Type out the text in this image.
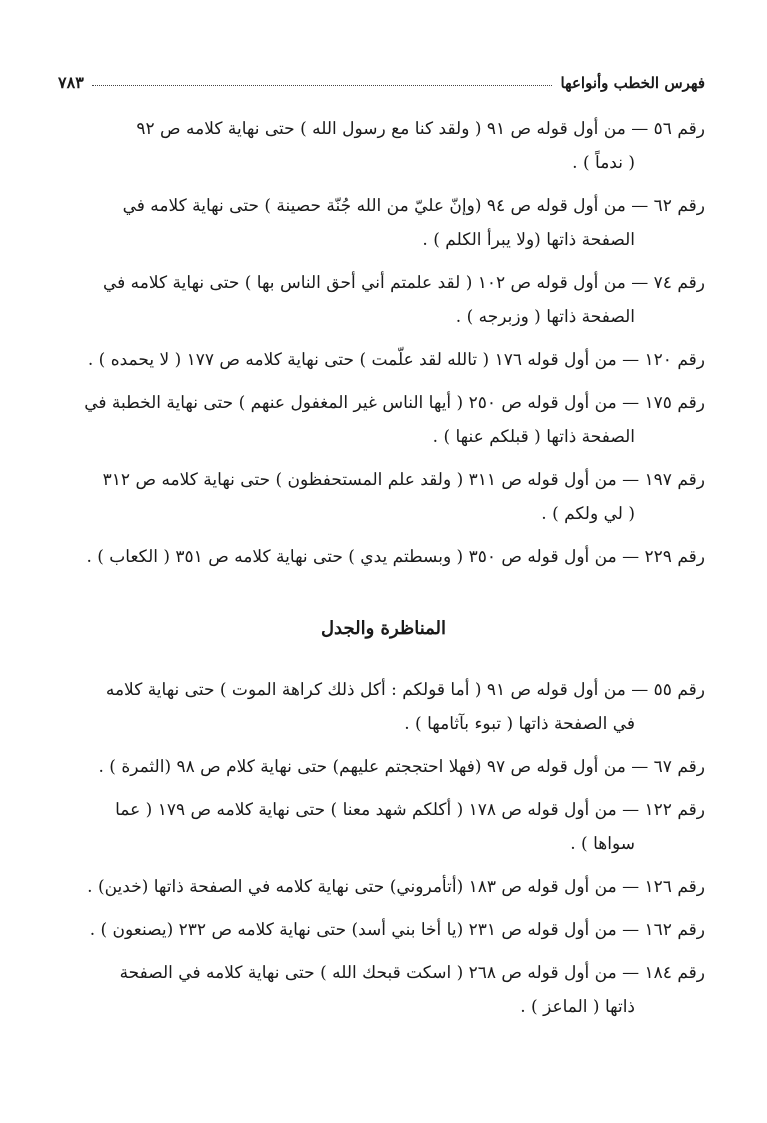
فهرس الخطب وأنواعها
٧٨٣
رقم ٥٦ — من أول قوله ص ٩١ ( ولقد كنا مع رسول الله ) حتى نهاية كلامه ص ٩٢
( ندماً ) .
رقم ٦٢ — من أول قوله ص ٩٤ (وإنّ عليّ من الله جُنّة حصينة ) حتى نهاية كلامه في
الصفحة ذاتها (ولا يبرأ الكلم ) .
رقم ٧٤ — من أول قوله ص ١٠٢ ( لقد علمتم أني أحق الناس بها ) حتى نهاية كلامه في
الصفحة ذاتها ( وزبرجه ) .
رقم ١٢٠ — من أول قوله ١٧٦ ( تالله لقد علّمت ) حتى نهاية كلامه ص ١٧٧ ( لا يحمده ) .
رقم ١٧٥ — من أول قوله ص ٢٥٠ ( أيها الناس غير المغفول عنهم ) حتى نهاية الخطبة في
الصفحة ذاتها ( قبلكم عنها ) .
رقم ١٩٧ — من أول قوله ص ٣١١ ( ولقد علم المستحفظون ) حتى نهاية كلامه ص ٣١٢
( لي ولكم ) .
رقم ٢٢٩ — من أول قوله ص ٣٥٠ ( وبسطتم يدي ) حتى نهاية كلامه ص ٣٥١ ( الكعاب ) .
المناظرة والجدل
رقم ٥٥ — من أول قوله ص ٩١ ( أما قولكم : أكل ذلك كراهة الموت ) حتى نهاية كلامه
في الصفحة ذاتها ( تبوء بآثامها ) .
رقم ٦٧ — من أول قوله ص ٩٧ (فهلا احتججتم عليهم) حتى نهاية كلام ص ٩٨ (الثمرة ) .
رقم ١٢٢ — من أول قوله ص ١٧٨ ( أكلكم شهد معنا ) حتى نهاية كلامه ص ١٧٩ ( عما
سواها ) .
رقم ١٢٦ — من أول قوله ص ١٨٣ (أتأمروني) حتى نهاية كلامه في الصفحة ذاتها (خدين) .
رقم ١٦٢ — من أول قوله ص ٢٣١ (يا أخا بني أسد) حتى نهاية كلامه ص ٢٣٢ (يصنعون ) .
رقم ١٨٤ — من أول قوله ص ٢٦٨ ( اسكت قبحك الله ) حتى نهاية كلامه في الصفحة
ذاتها ( الماعز ) .
